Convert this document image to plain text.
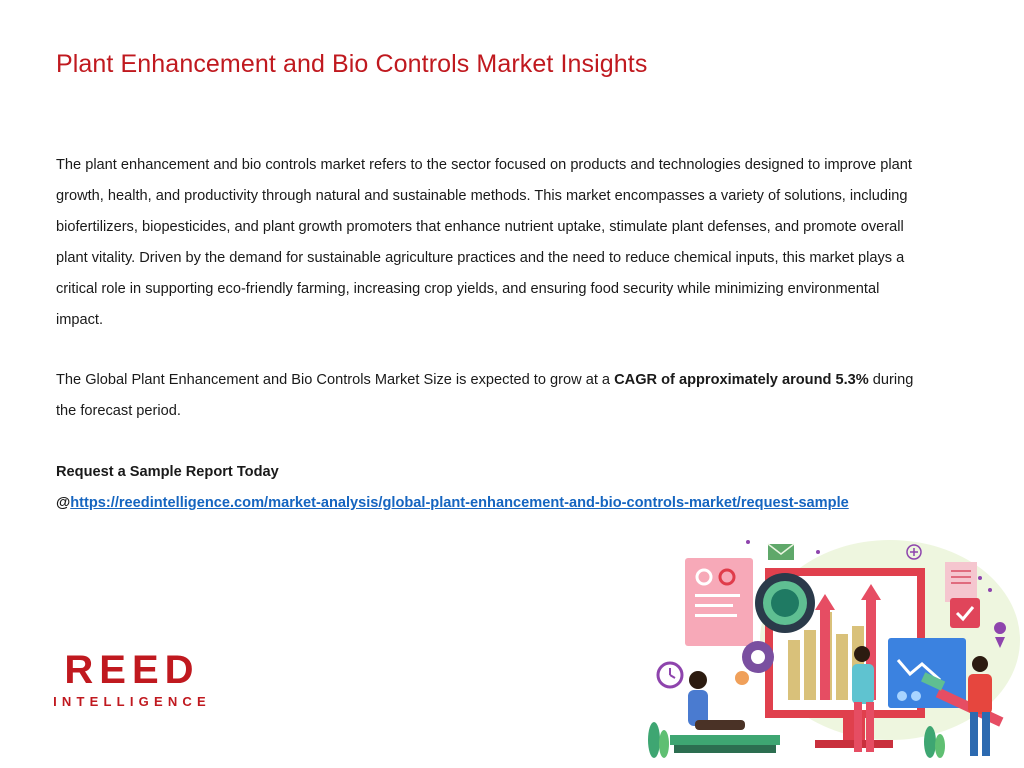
Plant Enhancement and Bio Controls Market Insights

The plant enhancement and bio controls market refers to the sector focused on products and technologies designed to improve plant growth, health, and productivity through natural and sustainable methods. This market encompasses a variety of solutions, including biofertilizers, biopesticides, and plant growth promoters that enhance nutrient uptake, stimulate plant defenses, and promote overall plant vitality. Driven by the demand for sustainable agriculture practices and the need to reduce chemical inputs, this market plays a critical role in supporting eco-friendly farming, increasing crop yields, and ensuring food security while minimizing environmental impact.

The Global Plant Enhancement and Bio Controls Market Size is expected to grow at a CAGR of approximately around 5.3% during the forecast period.

Request a Sample Report Today
@https://reedintelligence.com/market-analysis/global-plant-enhancement-and-bio-controls-market/request-sample
REED
INTELLIGENCE
